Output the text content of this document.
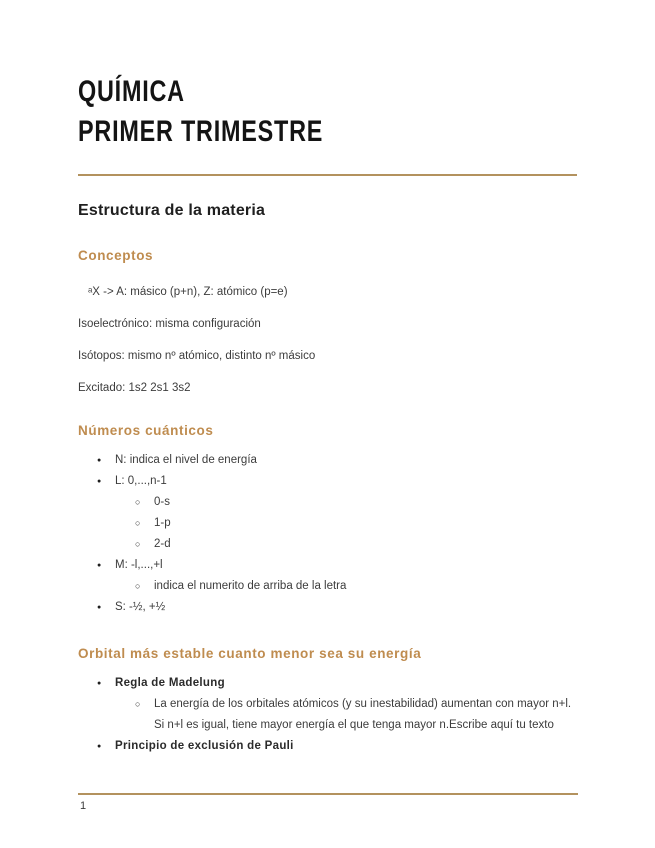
QUÍMICA
PRIMER TRIMESTRE
Estructura de la materia
Conceptos

ᵃX -> A: másico (p+n), Z: atómico (p=e)

Isoelectrónico: misma configuración

Isótopos: mismo nº atómico, distinto nº másico

Excitado: 1s2 2s1 3s2

Números cuánticos
● N: indica el nivel de energía
● L: 0,...,n-1
○ 0-s
○ 1-p
○ 2-d
● M: -l,...,+l
○ indica el numerito de arriba de la letra
● S: -½, +½
Orbital más estable cuanto menor sea su energía
● Regla de Madelung
○ La energía de los orbitales atómicos (y su inestabilidad) aumentan con mayor n+l. Si n+l es igual, tiene mayor energía el que tenga mayor n.Escribe aquí tu texto
● Principio de exclusión de Pauli
1
